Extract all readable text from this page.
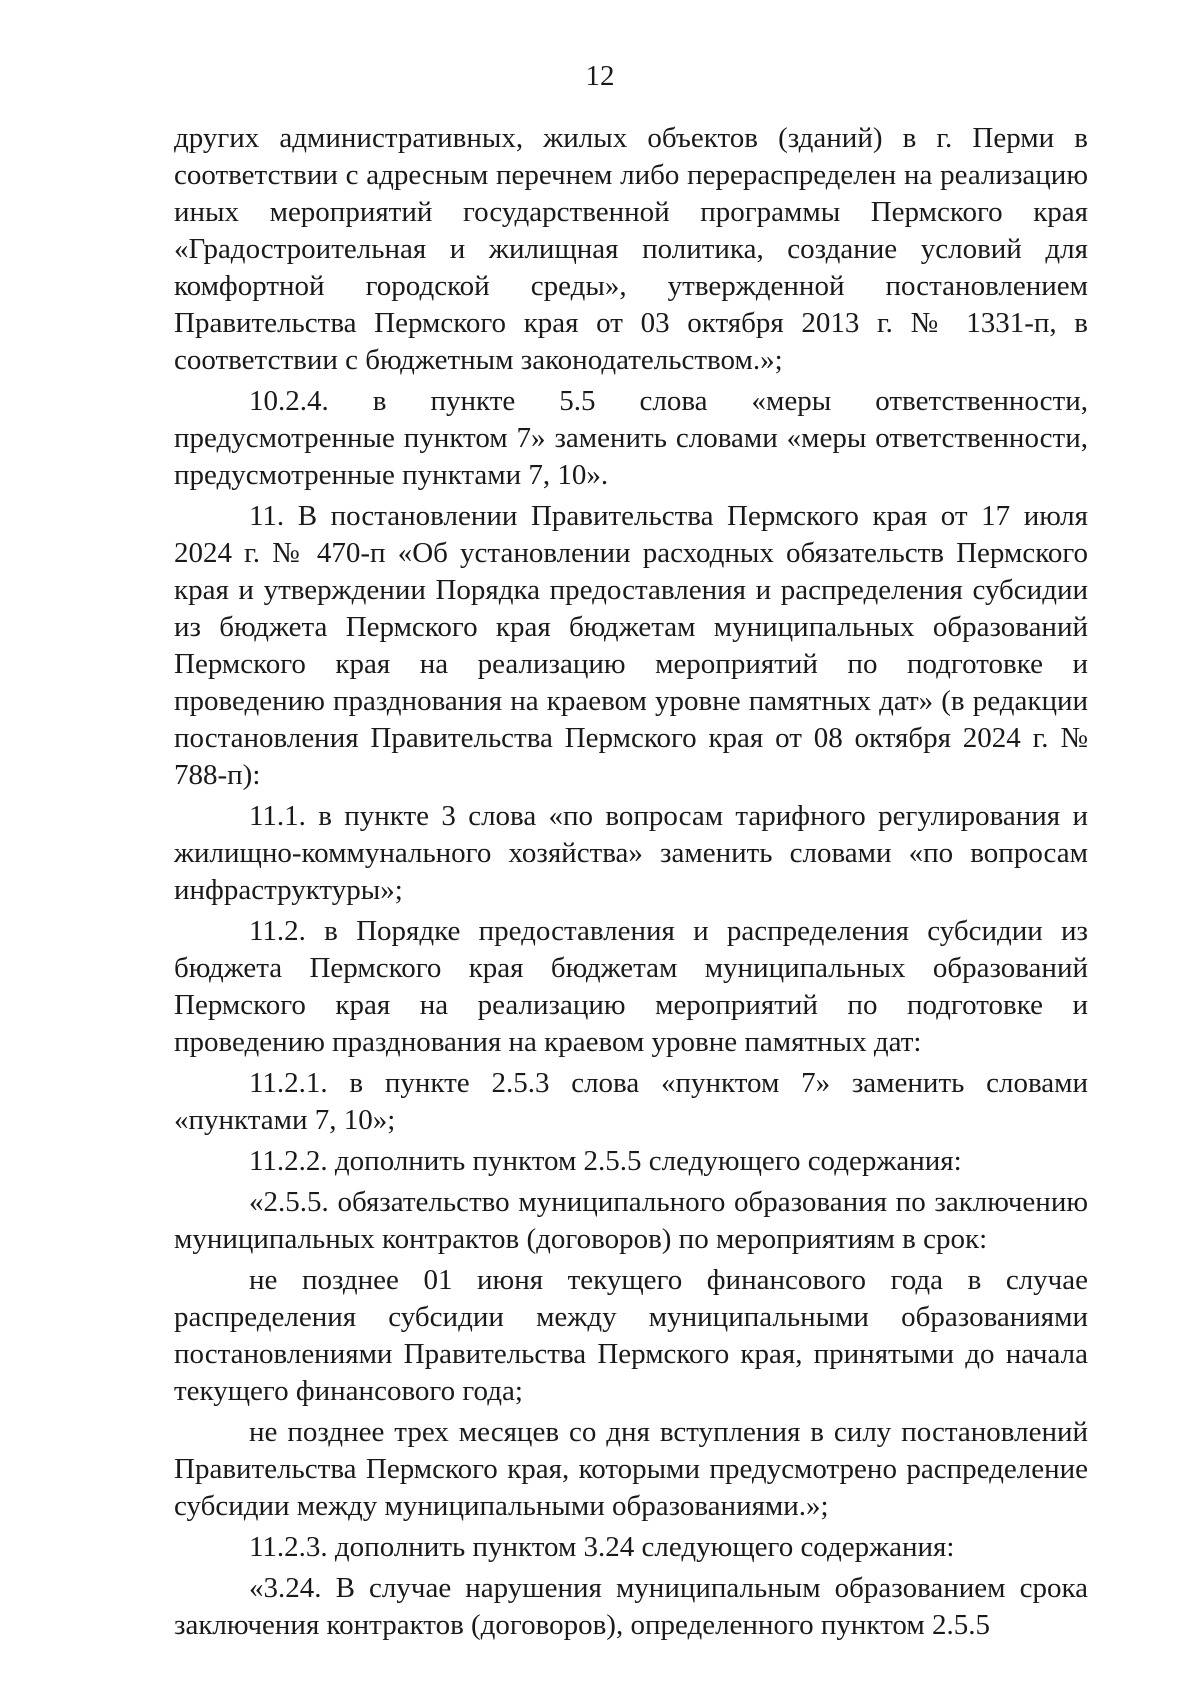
12

других административных, жилых объектов (зданий) в г. Перми в соответствии с адресным перечнем либо перераспределен на реализацию иных мероприятий государственной программы Пермского края «Градостроительная и жилищная политика, создание условий для комфортной городской среды», утвержденной постановлением Правительства Пермского края от 03 октября 2013 г. № 1331-п, в соответствии с бюджетным законодательством.»;

10.2.4. в пункте 5.5 слова «меры ответственности, предусмотренные пунктом 7» заменить словами «меры ответственности, предусмотренные пунктами 7, 10».

11. В постановлении Правительства Пермского края от 17 июля 2024 г. № 470-п «Об установлении расходных обязательств Пермского края и утверждении Порядка предоставления и распределения субсидии из бюджета Пермского края бюджетам муниципальных образований Пермского края на реализацию мероприятий по подготовке и проведению празднования на краевом уровне памятных дат» (в редакции постановления Правительства Пермского края от 08 октября 2024 г. № 788-п):

11.1. в пункте 3 слова «по вопросам тарифного регулирования и жилищно-коммунального хозяйства» заменить словами «по вопросам инфраструктуры»;

11.2. в Порядке предоставления и распределения субсидии из бюджета Пермского края бюджетам муниципальных образований Пермского края на реализацию мероприятий по подготовке и проведению празднования на краевом уровне памятных дат:

11.2.1. в пункте 2.5.3 слова «пунктом 7» заменить словами «пунктами 7, 10»;

11.2.2. дополнить пунктом 2.5.5 следующего содержания:

«2.5.5. обязательство муниципального образования по заключению муниципальных контрактов (договоров) по мероприятиям в срок:

не позднее 01 июня текущего финансового года в случае распределения субсидии между муниципальными образованиями постановлениями Правительства Пермского края, принятыми до начала текущего финансового года;

не позднее трех месяцев со дня вступления в силу постановлений Правительства Пермского края, которыми предусмотрено распределение субсидии между муниципальными образованиями.»;

11.2.3. дополнить пунктом 3.24 следующего содержания:

«3.24. В случае нарушения муниципальным образованием срока заключения контрактов (договоров), определенного пунктом 2.5.5
